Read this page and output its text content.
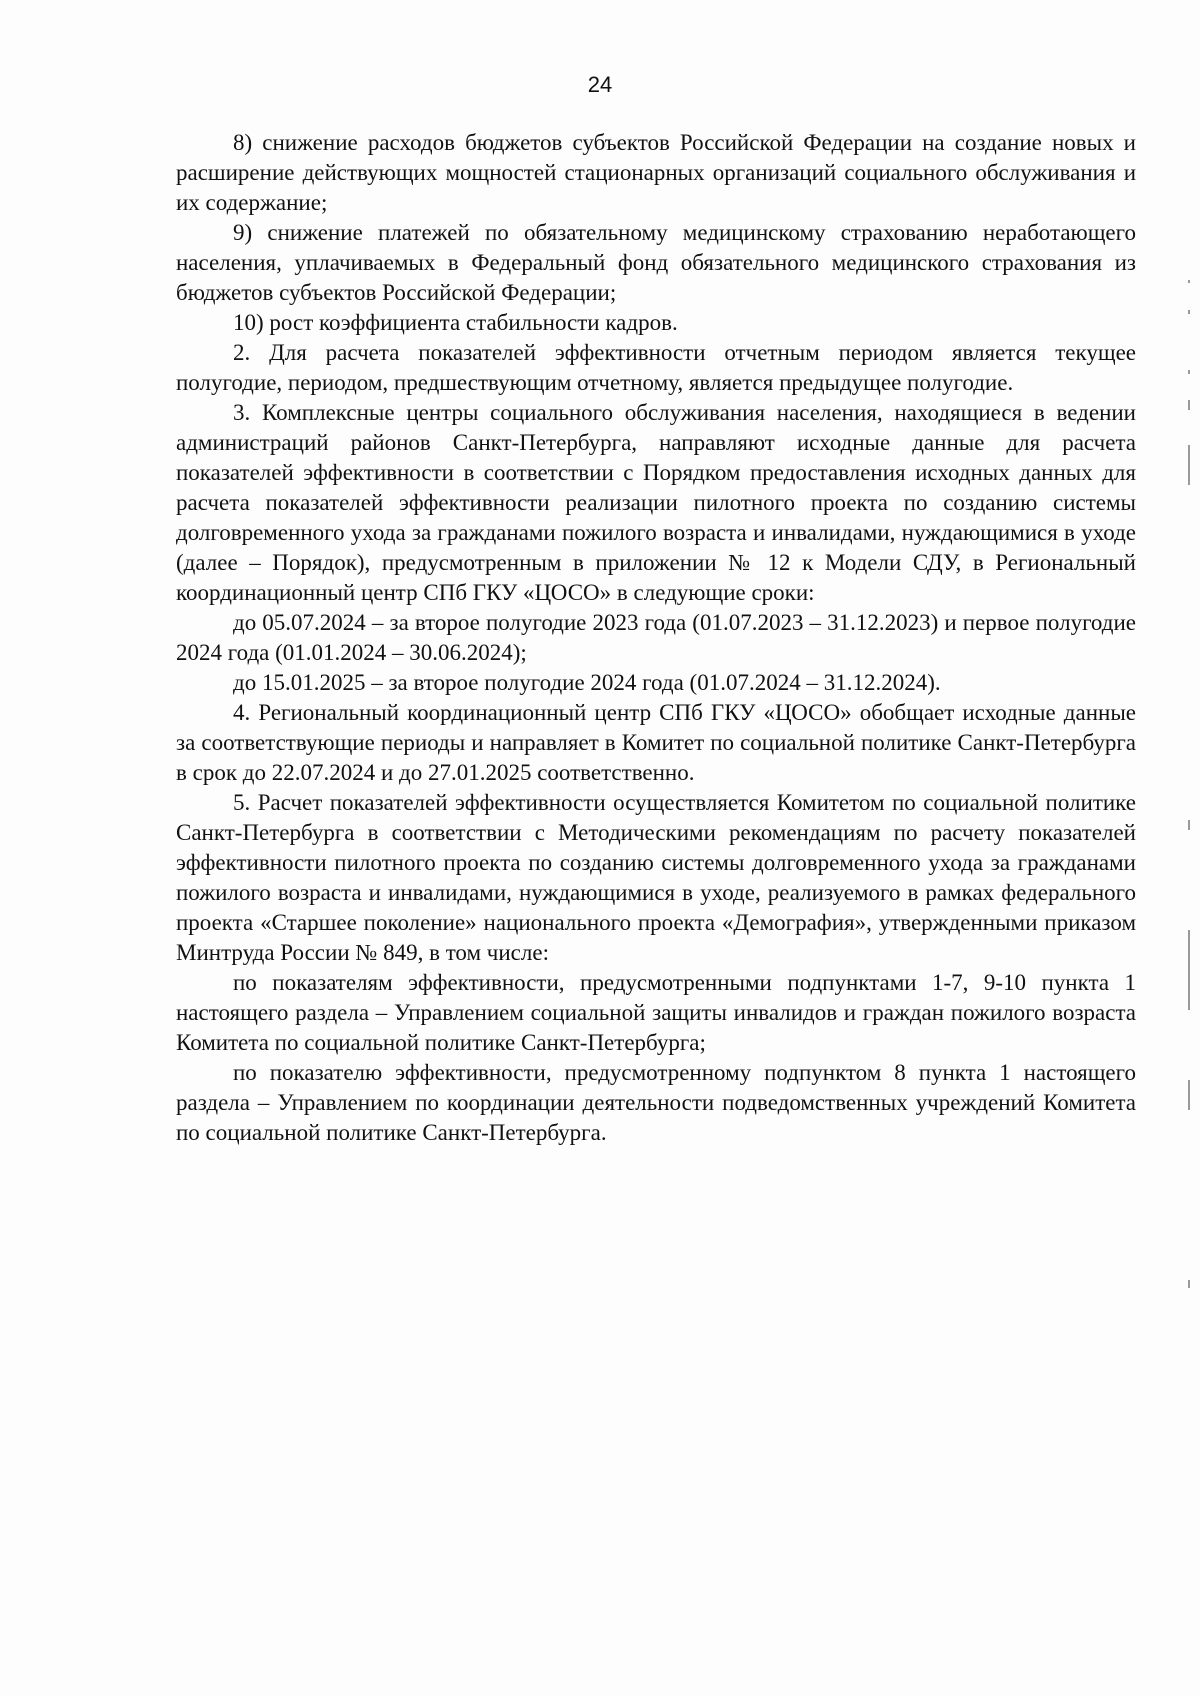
24

8) снижение расходов бюджетов субъектов Российской Федерации на создание новых и расширение действующих мощностей стационарных организаций социального обслуживания и их содержание;

9) снижение платежей по обязательному медицинскому страхованию неработающего населения, уплачиваемых в Федеральный фонд обязательного медицинского страхования из бюджетов субъектов Российской Федерации;

10) рост коэффициента стабильности кадров.

2. Для расчета показателей эффективности отчетным периодом является текущее полугодие, периодом, предшествующим отчетному, является предыдущее полугодие.

3. Комплексные центры социального обслуживания населения, находящиеся в ведении администраций районов Санкт-Петербурга, направляют исходные данные для расчета показателей эффективности в соответствии с Порядком предоставления исходных данных для расчета показателей эффективности реализации пилотного проекта по созданию системы долговременного ухода за гражданами пожилого возраста и инвалидами, нуждающимися в уходе (далее – Порядок), предусмотренным в приложении № 12 к Модели СДУ, в Региональный координационный центр СПб ГКУ «ЦОСО» в следующие сроки:

до 05.07.2024 – за второе полугодие 2023 года (01.07.2023 – 31.12.2023) и первое полугодие 2024 года (01.01.2024 – 30.06.2024);

до 15.01.2025 – за второе полугодие 2024 года (01.07.2024 – 31.12.2024).

4. Региональный координационный центр СПб ГКУ «ЦОСО» обобщает исходные данные за соответствующие периоды и направляет в Комитет по социальной политике Санкт-Петербурга в срок до 22.07.2024 и до 27.01.2025 соответственно.

5. Расчет показателей эффективности осуществляется Комитетом по социальной политике Санкт-Петербурга в соответствии с Методическими рекомендациям по расчету показателей эффективности пилотного проекта по созданию системы долговременного ухода за гражданами пожилого возраста и инвалидами, нуждающимися в уходе, реализуемого в рамках федерального проекта «Старшее поколение» национального проекта «Демография», утвержденными приказом Минтруда России № 849, в том числе:

по показателям эффективности, предусмотренными подпунктами 1-7, 9-10 пункта 1 настоящего раздела – Управлением социальной защиты инвалидов и граждан пожилого возраста Комитета по социальной политике Санкт-Петербурга;

по показателю эффективности, предусмотренному подпунктом 8 пункта 1 настоящего раздела – Управлением по координации деятельности подведомственных учреждений Комитета по социальной политике Санкт-Петербурга.
